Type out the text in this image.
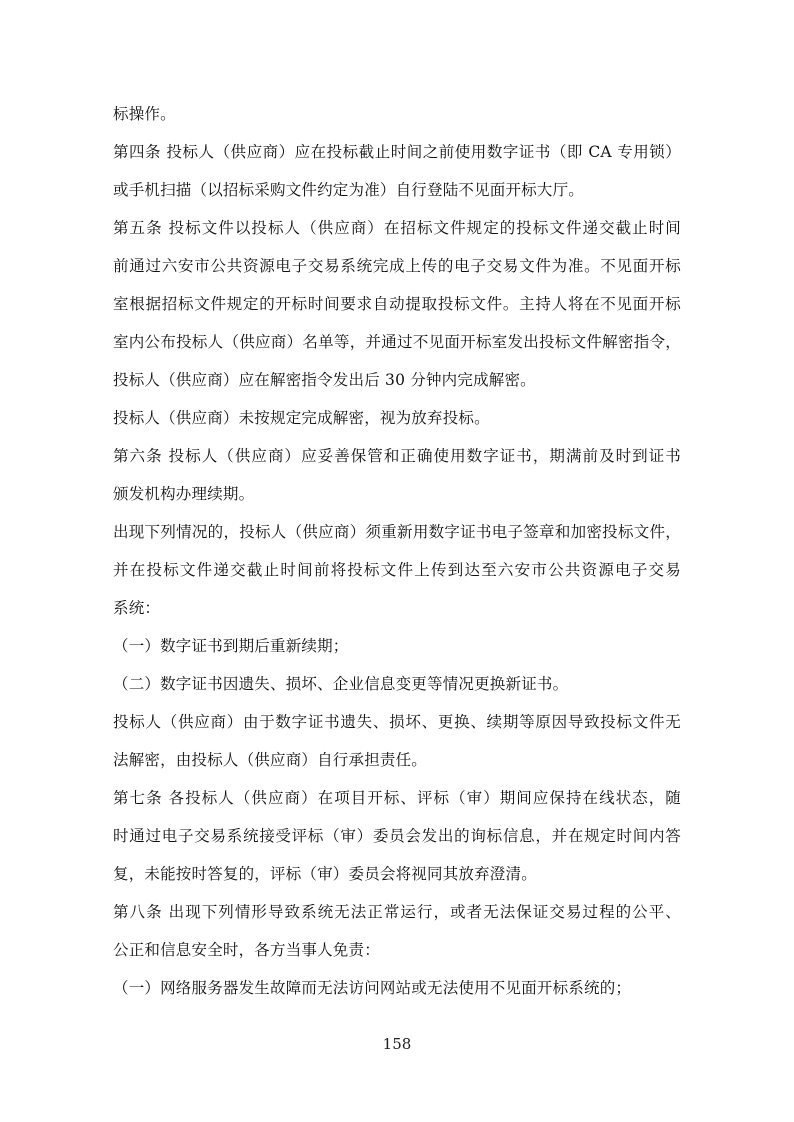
标操作。
第四条 投标人（供应商）应在投标截止时间之前使用数字证书（即 CA 专用锁）
或手机扫描（以招标采购文件约定为准）自行登陆不见面开标大厅。
第五条 投标文件以投标人（供应商）在招标文件规定的投标文件递交截止时间
前通过六安市公共资源电子交易系统完成上传的电子交易文件为准。不见面开标
室根据招标文件规定的开标时间要求自动提取投标文件。主持人将在不见面开标
室内公布投标人（供应商）名单等，并通过不见面开标室发出投标文件解密指令，
投标人（供应商）应在解密指令发出后 30 分钟内完成解密。
投标人（供应商）未按规定完成解密，视为放弃投标。
第六条 投标人（供应商）应妥善保管和正确使用数字证书，期满前及时到证书
颁发机构办理续期。
出现下列情况的，投标人（供应商）须重新用数字证书电子签章和加密投标文件，
并在投标文件递交截止时间前将投标文件上传到达至六安市公共资源电子交易
系统：
（一）数字证书到期后重新续期；
（二）数字证书因遗失、损坏、企业信息变更等情况更换新证书。
投标人（供应商）由于数字证书遗失、损坏、更换、续期等原因导致投标文件无
法解密，由投标人（供应商）自行承担责任。
第七条 各投标人（供应商）在项目开标、评标（审）期间应保持在线状态，随
时通过电子交易系统接受评标（审）委员会发出的询标信息，并在规定时间内答
复，未能按时答复的，评标（审）委员会将视同其放弃澄清。
第八条 出现下列情形导致系统无法正常运行，或者无法保证交易过程的公平、
公正和信息安全时，各方当事人免责：
（一）网络服务器发生故障而无法访问网站或无法使用不见面开标系统的；
158
